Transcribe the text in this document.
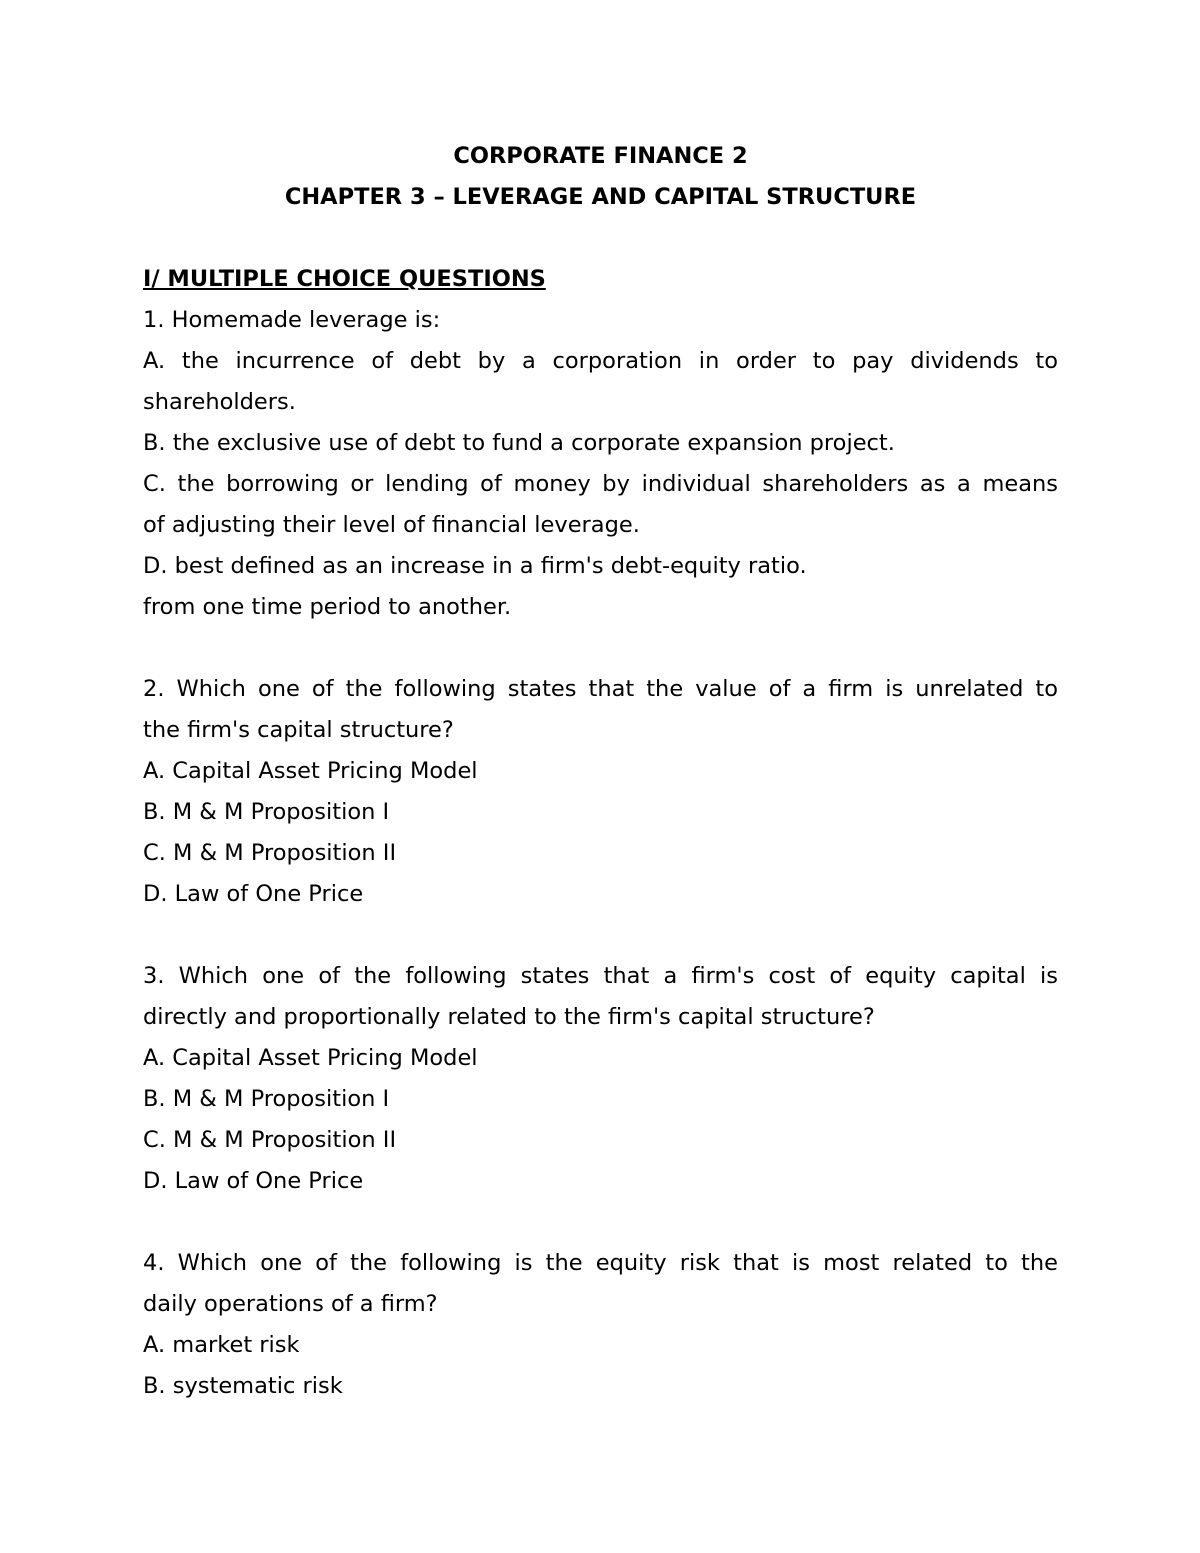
CORPORATE FINANCE 2

CHAPTER 3 – LEVERAGE AND CAPITAL STRUCTURE

I/ MULTIPLE CHOICE QUESTIONS

1. Homemade leverage is:

A. the incurrence of debt by a corporation in order to pay dividends to

shareholders.

B. the exclusive use of debt to fund a corporate expansion project.

C. the borrowing or lending of money by individual shareholders as a means

of adjusting their level of financial leverage.

D. best defined as an increase in a firm's debt-equity ratio.

from one time period to another.

2. Which one of the following states that the value of a firm is unrelated to

the firm's capital structure?

A. Capital Asset Pricing Model

B. M & M Proposition I

C. M & M Proposition II

D. Law of One Price

3. Which one of the following states that a firm's cost of equity capital is

directly and proportionally related to the firm's capital structure?

A. Capital Asset Pricing Model

B. M & M Proposition I

C. M & M Proposition II

D. Law of One Price

4. Which one of the following is the equity risk that is most related to the

daily operations of a firm?

A. market risk

B. systematic risk
